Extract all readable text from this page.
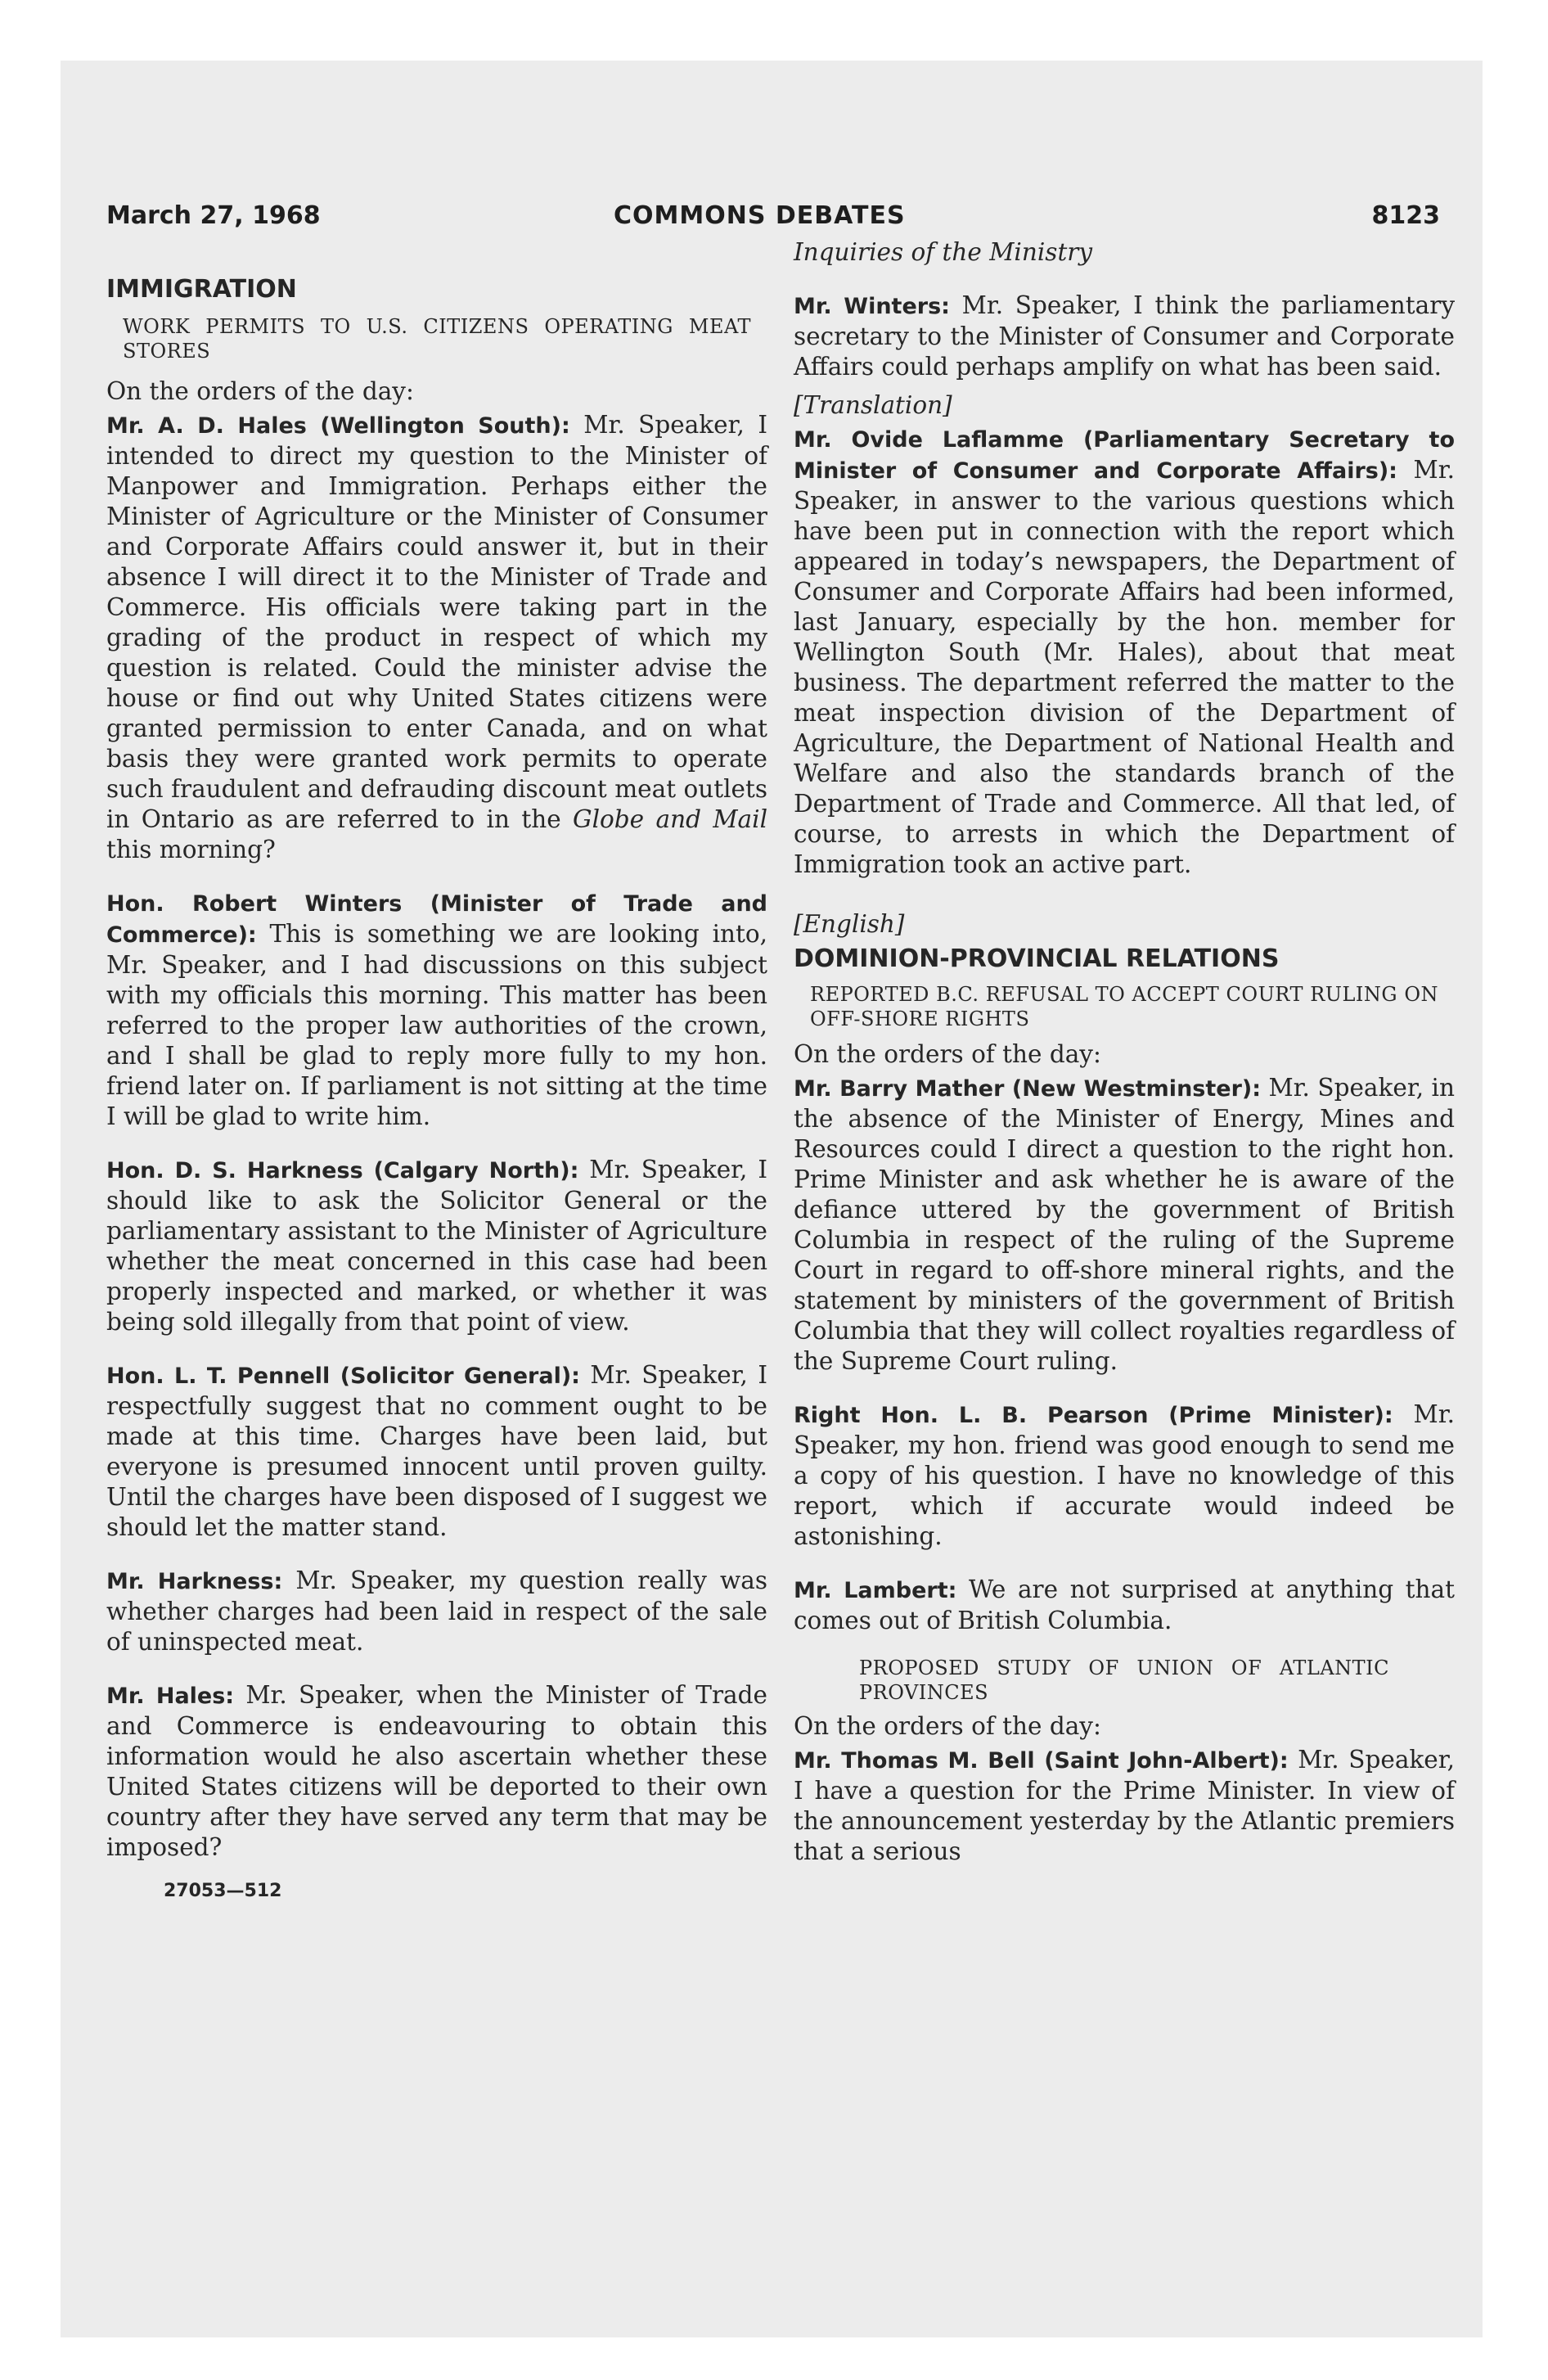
March 27, 1968	COMMONS DEBATES	8123

IMMIGRATION

WORK PERMITS TO U.S. CITIZENS OPERATING MEAT STORES

On the orders of the day:

Mr. A. D. Hales (Wellington South): Mr. Speaker, I intended to direct my question to the Minister of Manpower and Immigration. Perhaps either the Minister of Agriculture or the Minister of Consumer and Corporate Affairs could answer it, but in their absence I will direct it to the Minister of Trade and Commerce. His officials were taking part in the grading of the product in respect of which my question is related. Could the minister advise the house or find out why United States citizens were granted permission to enter Canada, and on what basis they were granted work permits to operate such fraudulent and defrauding discount meat outlets in Ontario as are referred to in the Globe and Mail this morning?

Hon. Robert Winters (Minister of Trade and Commerce): This is something we are looking into, Mr. Speaker, and I had discussions on this subject with my officials this morning. This matter has been referred to the proper law authorities of the crown, and I shall be glad to reply more fully to my hon. friend later on. If parliament is not sitting at the time I will be glad to write him.

Hon. D. S. Harkness (Calgary North): Mr. Speaker, I should like to ask the Solicitor General or the parliamentary assistant to the Minister of Agriculture whether the meat concerned in this case had been properly inspected and marked, or whether it was being sold illegally from that point of view.

Hon. L. T. Pennell (Solicitor General): Mr. Speaker, I respectfully suggest that no comment ought to be made at this time. Charges have been laid, but everyone is presumed innocent until proven guilty. Until the charges have been disposed of I suggest we should let the matter stand.

Mr. Harkness: Mr. Speaker, my question really was whether charges had been laid in respect of the sale of uninspected meat.

Mr. Hales: Mr. Speaker, when the Minister of Trade and Commerce is endeavouring to obtain this information would he also ascertain whether these United States citizens will be deported to their own country after they have served any term that may be imposed?

27053—512

Inquiries of the Ministry

Mr. Winters: Mr. Speaker, I think the parliamentary secretary to the Minister of Consumer and Corporate Affairs could perhaps amplify on what has been said.

[Translation]

Mr. Ovide Laflamme (Parliamentary Secretary to Minister of Consumer and Corporate Affairs): Mr. Speaker, in answer to the various questions which have been put in connection with the report which appeared in today’s newspapers, the Department of Consumer and Corporate Affairs had been informed, last January, especially by the hon. member for Wellington South (Mr. Hales), about that meat business. The department referred the matter to the meat inspection division of the Department of Agriculture, the Department of National Health and Welfare and also the standards branch of the Department of Trade and Commerce. All that led, of course, to arrests in which the Department of Immigration took an active part.

[English]

DOMINION-PROVINCIAL RELATIONS

REPORTED B.C. REFUSAL TO ACCEPT COURT RULING ON OFF-SHORE RIGHTS

On the orders of the day:

Mr. Barry Mather (New Westminster): Mr. Speaker, in the absence of the Minister of Energy, Mines and Resources could I direct a question to the right hon. Prime Minister and ask whether he is aware of the defiance uttered by the government of British Columbia in respect of the ruling of the Supreme Court in regard to off-shore mineral rights, and the statement by ministers of the government of British Columbia that they will collect royalties regardless of the Supreme Court ruling.

Right Hon. L. B. Pearson (Prime Minister): Mr. Speaker, my hon. friend was good enough to send me a copy of his question. I have no knowledge of this report, which if accurate would indeed be astonishing.

Mr. Lambert: We are not surprised at anything that comes out of British Columbia.

PROPOSED STUDY OF UNION OF ATLANTIC PROVINCES

On the orders of the day:

Mr. Thomas M. Bell (Saint John-Albert): Mr. Speaker, I have a question for the Prime Minister. In view of the announcement yesterday by the Atlantic premiers that a serious
